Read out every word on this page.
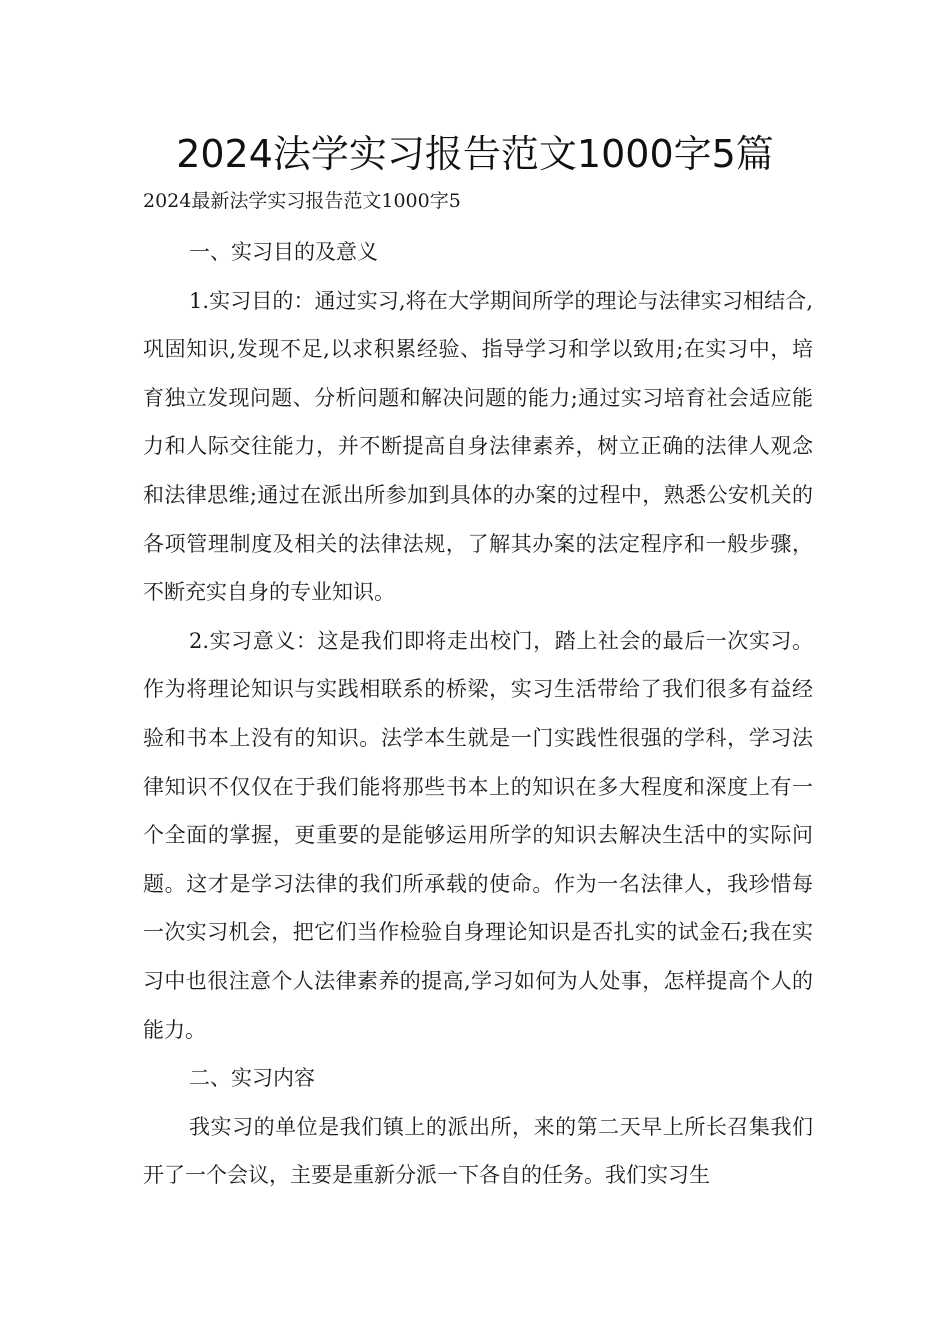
2024法学实习报告范文1000字5篇
2024最新法学实习报告范文1000字5

一、实习目的及意义

1.实习目的：通过实习,将在大学期间所学的理论与法律实习相结合,巩固知识,发现不足,以求积累经验、指导学习和学以致用;在实习中，培育独立发现问题、分析问题和解决问题的能力;通过实习培育社会适应能力和人际交往能力，并不断提高自身法律素养，树立正确的法律人观念和法律思维;通过在派出所参加到具体的办案的过程中，熟悉公安机关的各项管理制度及相关的法律法规，了解其办案的法定程序和一般步骤，不断充实自身的专业知识。

2.实习意义：这是我们即将走出校门，踏上社会的最后一次实习。作为将理论知识与实践相联系的桥梁，实习生活带给了我们很多有益经验和书本上没有的知识。法学本生就是一门实践性很强的学科，学习法律知识不仅仅在于我们能将那些书本上的知识在多大程度和深度上有一个全面的掌握，更重要的是能够运用所学的知识去解决生活中的实际问题。这才是学习法律的我们所承载的使命。作为一名法律人，我珍惜每一次实习机会，把它们当作检验自身理论知识是否扎实的试金石;我在实习中也很注意个人法律素养的提高,学习如何为人处事，怎样提高个人的能力。

二、实习内容

我实习的单位是我们镇上的派出所，来的第二天早上所长召集我们开了一个会议，主要是重新分派一下各自的任务。我们实习生
